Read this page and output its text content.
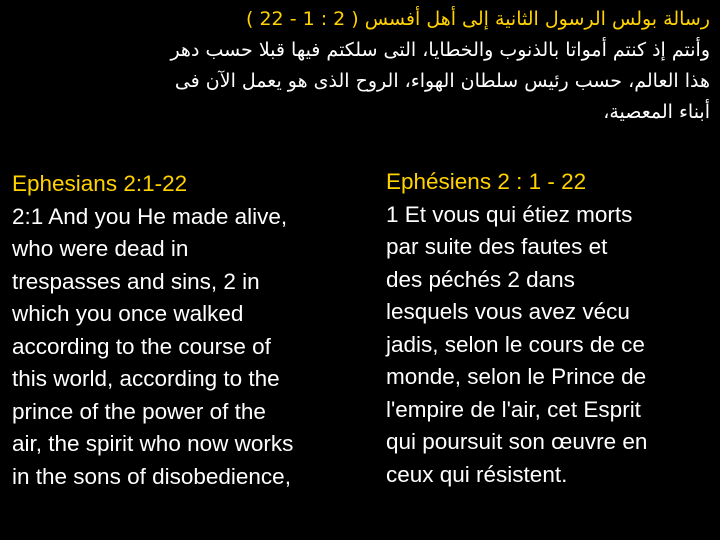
رسالة بولس الرسول الثانية إلى أهل أفسس ( 2 : 1 - 22 )
وأنتم إذ كنتم أمواتا بالذنوب والخطايا، التى سلكتم فيها قبلا حسب دهر
هذا العالم، حسب رئيس سلطان الهواء، الروح الذى هو يعمل الآن فى
أبناء المعصية،
Ephesians 2:1-22
2:1 And you He made alive,
who were dead in
trespasses and sins, 2 in
which you once walked
according to the course of
this world, according to the
prince of the power of the
air, the spirit who now works
in the sons of disobedience,
Ephésiens 2 : 1 - 22
1 Et vous qui étiez morts
par suite des fautes et
des péchés 2 dans
lesquels vous avez vécu
jadis, selon le cours de ce
monde, selon le Prince de
l'empire de l'air, cet Esprit
qui poursuit son œuvre en
ceux qui résistent.
